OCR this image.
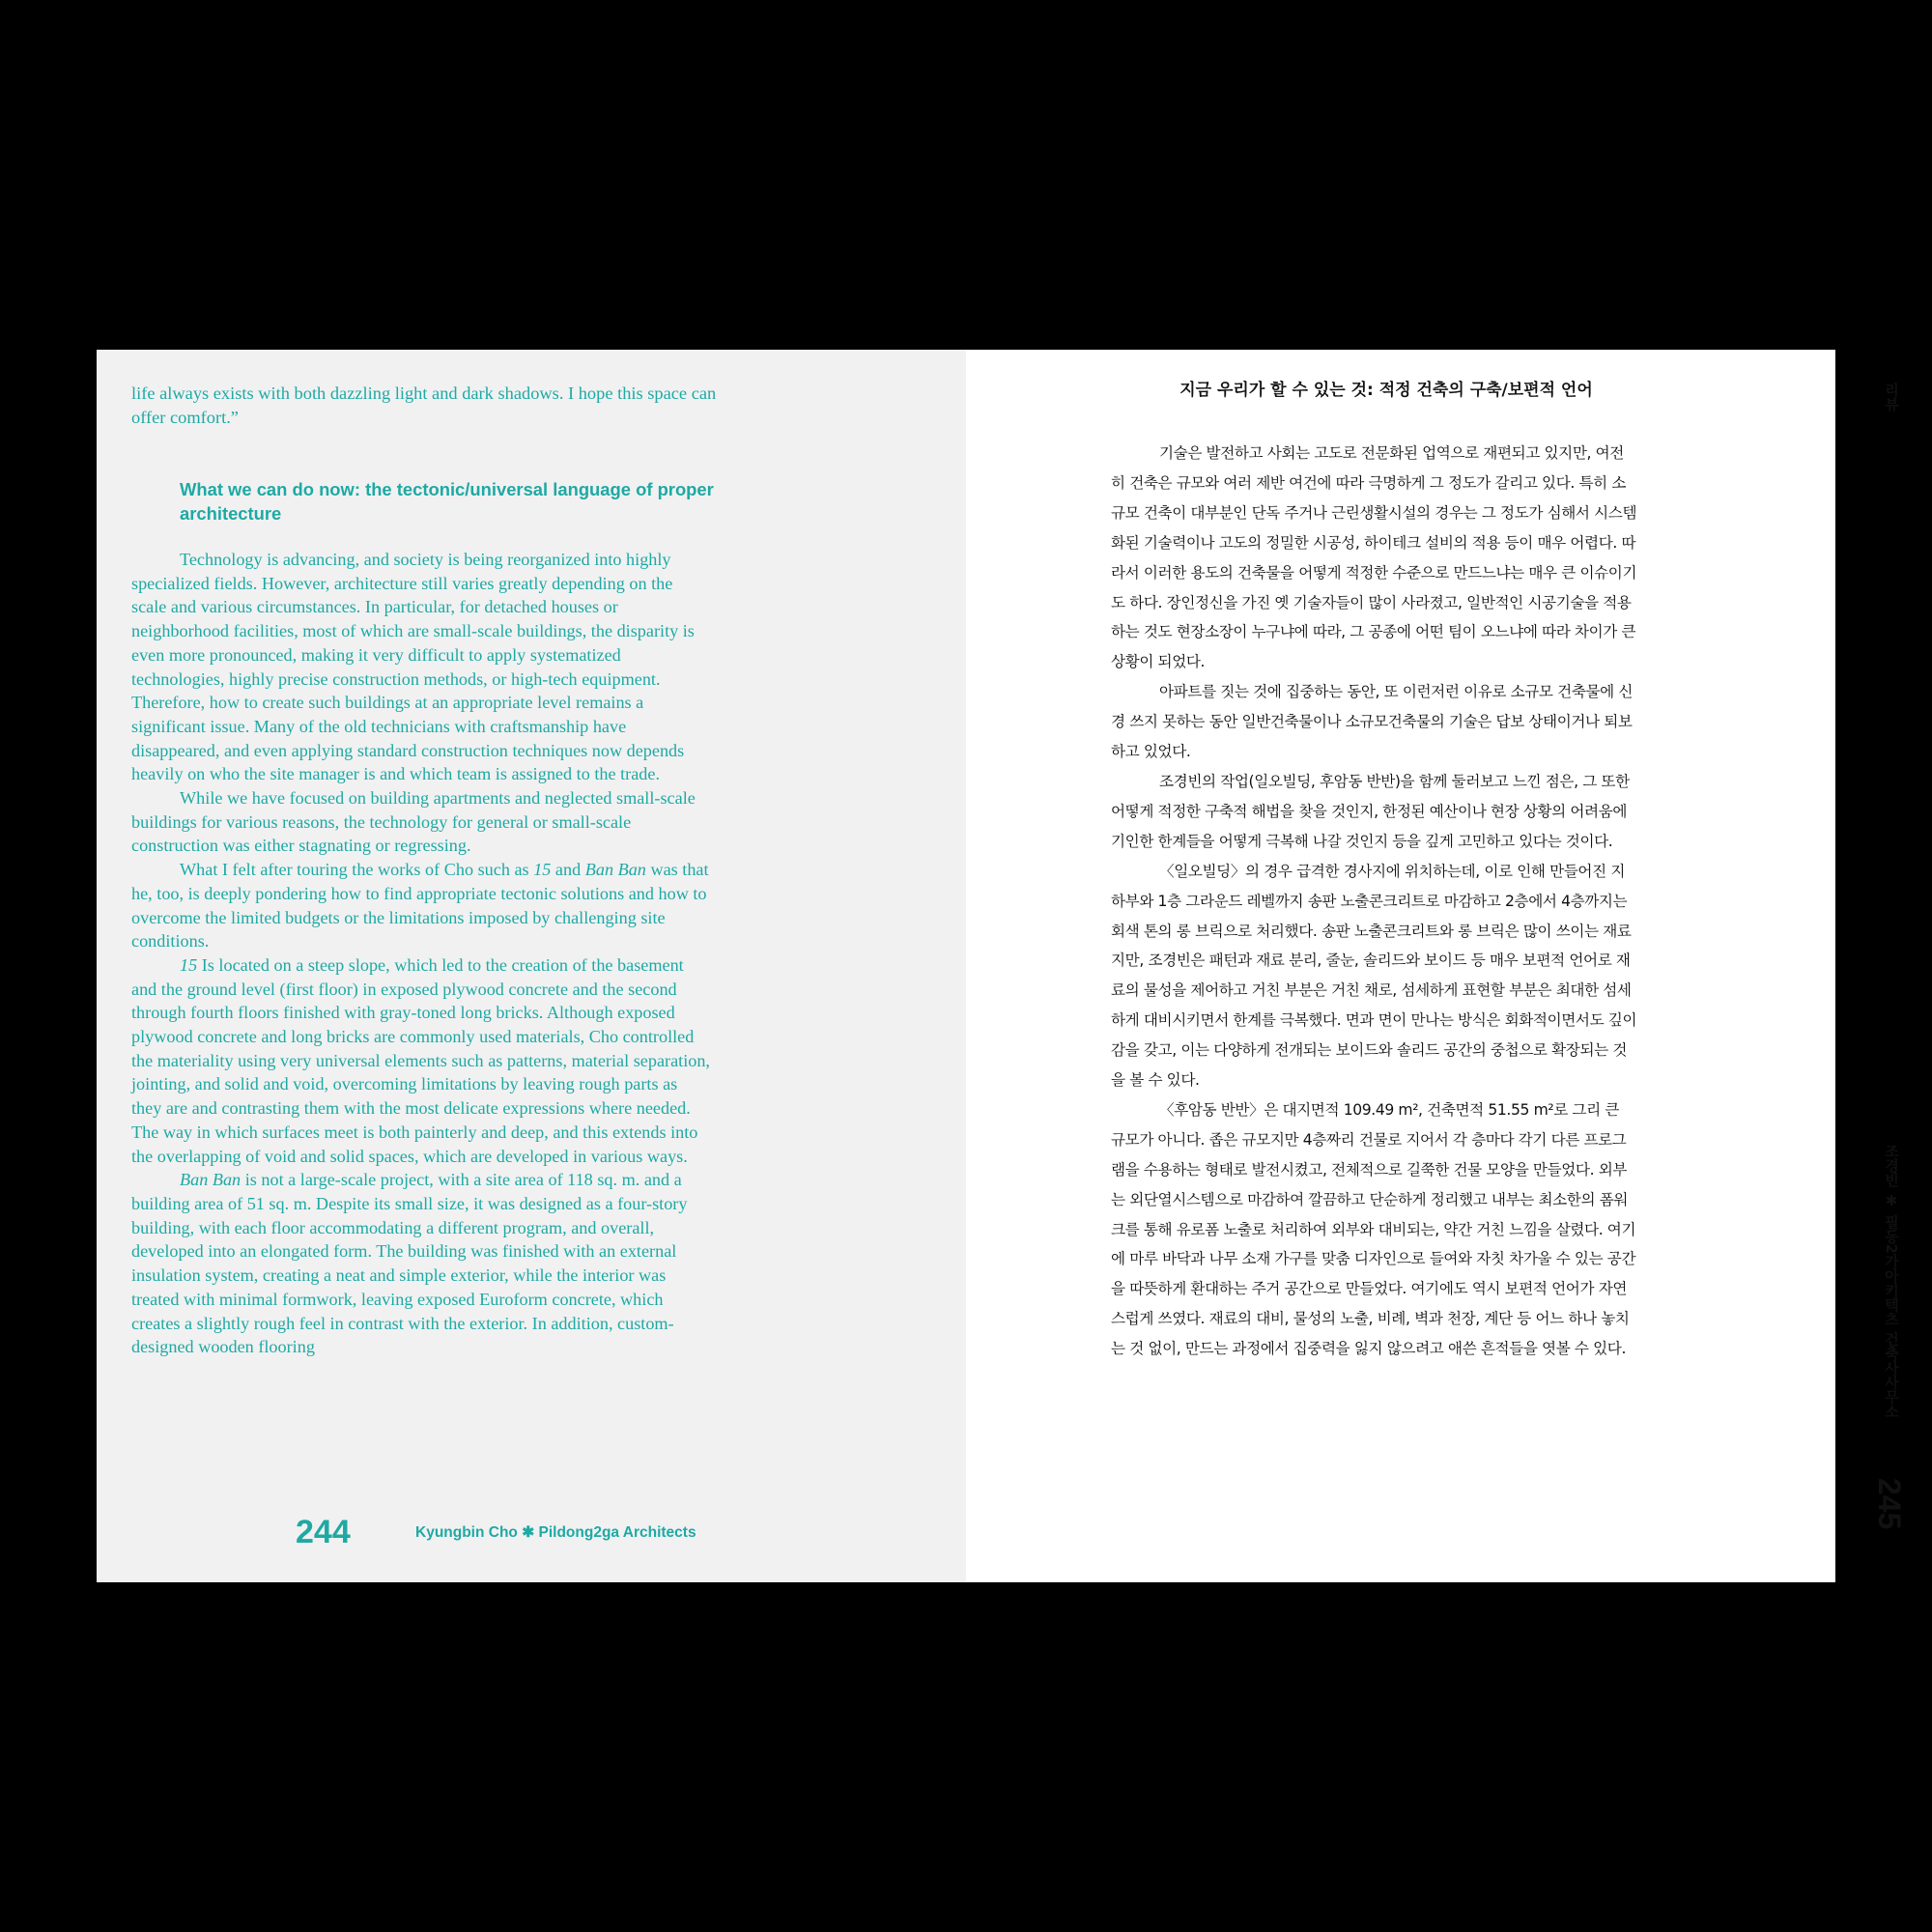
life always exists with both dazzling light and dark shadows. I hope this space can offer comfort.”
What we can do now: the tectonic/universal language of proper architecture

Technology is advancing, and society is being reorganized into highly specialized fields. However, architecture still varies greatly depending on the scale and various circumstances. In particular, for detached houses or neighborhood facilities, most of which are small-scale buildings, the disparity is even more pronounced, making it very difficult to apply systematized technologies, highly precise construction methods, or high-tech equipment. Therefore, how to create such buildings at an appropriate level remains a significant issue. Many of the old technicians with craftsmanship have disappeared, and even applying standard construction techniques now depends heavily on who the site manager is and which team is assigned to the trade.

While we have focused on building apartments and neglected small-scale buildings for various reasons, the technology for general or small-scale construction was either stagnating or regressing.

What I felt after touring the works of Cho such as 15 and Ban Ban was that he, too, is deeply pondering how to find appropriate tectonic solutions and how to overcome the limited budgets or the limitations imposed by challenging site conditions.

15 Is located on a steep slope, which led to the creation of the basement and the ground level (first floor) in exposed plywood concrete and the second through fourth floors finished with gray-toned long bricks. Although exposed plywood concrete and long bricks are commonly used materials, Cho controlled the materiality using very universal elements such as patterns, material separation, jointing, and solid and void, overcoming limitations by leaving rough parts as they are and contrasting them with the most delicate expressions where needed. The way in which surfaces meet is both painterly and deep, and this extends into the overlapping of void and solid spaces, which are developed in various ways.

Ban Ban is not a large-scale project, with a site area of 118 sq. m. and a building area of 51 sq. m. Despite its small size, it was designed as a four-story building, with each floor accommodating a different program, and overall, developed into an elongated form. The building was finished with an external insulation system, creating a neat and simple exterior, while the interior was treated with minimal formwork, leaving exposed Euroform concrete, which creates a slightly rough feel in contrast with the exterior. In addition, custom-designed wooden flooring

244	Kyungbin Cho ✱ Pildong2ga Architects
지금 우리가 할 수 있는 것: 적정 건축의 구축/보편적 언어

기술은 발전하고 사회는 고도로 전문화된 업역으로 재편되고 있지만, 여전히 건축은 규모와 여러 제반 여건에 따라 극명하게 그 정도가 갈리고 있다. 특히 소규모 건축이 대부분인 단독 주거나 근린생활시설의 경우는 그 정도가 심해서 시스템화된 기술력이나 고도의 정밀한 시공성, 하이테크 설비의 적용 등이 매우 어렵다. 따라서 이러한 용도의 건축물을 어떻게 적정한 수준으로 만드느냐는 매우 큰 이슈이기도 하다. 장인정신을 가진 옛 기술자들이 많이 사라졌고, 일반적인 시공기술을 적용하는 것도 현장소장이 누구냐에 따라, 그 공종에 어떤 팀이 오느냐에 따라 차이가 큰 상황이 되었다.

아파트를 짓는 것에 집중하는 동안, 또 이런저런 이유로 소규모 건축물에 신경 쓰지 못하는 동안 일반건축물이나 소규모건축물의 기술은 답보 상태이거나 퇴보하고 있었다.

조경빈의 작업(일오빌딩, 후암동 반반)을 함께 둘러보고 느낀 점은, 그 또한 어떻게 적정한 구축적 해법을 찾을 것인지, 한정된 예산이나 현장 상황의 어려움에 기인한 한계들을 어떻게 극복해 나갈 것인지 등을 깊게 고민하고 있다는 것이다.

〈일오빌딩〉의 경우 급격한 경사지에 위치하는데, 이로 인해 만들어진 지하부와 1층 그라운드 레벨까지 송판 노출콘크리트로 마감하고 2층에서 4층까지는 회색 톤의 롱 브릭으로 처리했다. 송판 노출콘크리트와 롱 브릭은 많이 쓰이는 재료지만, 조경빈은 패턴과 재료 분리, 줄눈, 솔리드와 보이드 등 매우 보편적 언어로 재료의 물성을 제어하고 거친 부분은 거친 채로, 섬세하게 표현할 부분은 최대한 섬세하게 대비시키면서 한계를 극복했다. 면과 면이 만나는 방식은 회화적이면서도 깊이감을 갖고, 이는 다양하게 전개되는 보이드와 솔리드 공간의 중첩으로 확장되는 것을 볼 수 있다.

〈후암동 반반〉은 대지면적 109.49 m², 건축면적 51.55 m²로 그리 큰 규모가 아니다. 좁은 규모지만 4층짜리 건물로 지어서 각 층마다 각기 다른 프로그램을 수용하는 형태로 발전시켰고, 전체적으로 길쭉한 건물 모양을 만들었다. 외부는 외단열시스템으로 마감하여 깔끔하고 단순하게 정리했고 내부는 최소한의 폼워크를 통해 유로폼 노출로 처리하여 외부와 대비되는, 약간 거친 느낌을 살렸다. 여기에 마루 바닥과 나무 소재 가구를 맞춤 디자인으로 들여와 자칫 차가울 수 있는 공간을 따뜻하게 환대하는 주거 공간으로 만들었다. 여기에도 역시 보편적 언어가 자연스럽게 쓰였다. 재료의 대비, 물성의 노출, 비례, 벽과 천장, 계단 등 어느 하나 놓치는 것 없이, 만드는 과정에서 집중력을 잃지 않으려고 애쓴 흔적들을 엿볼 수 있다.

리뷰
조경빈 ✱ 필동2가아키텍츠 건축사사무소
245
